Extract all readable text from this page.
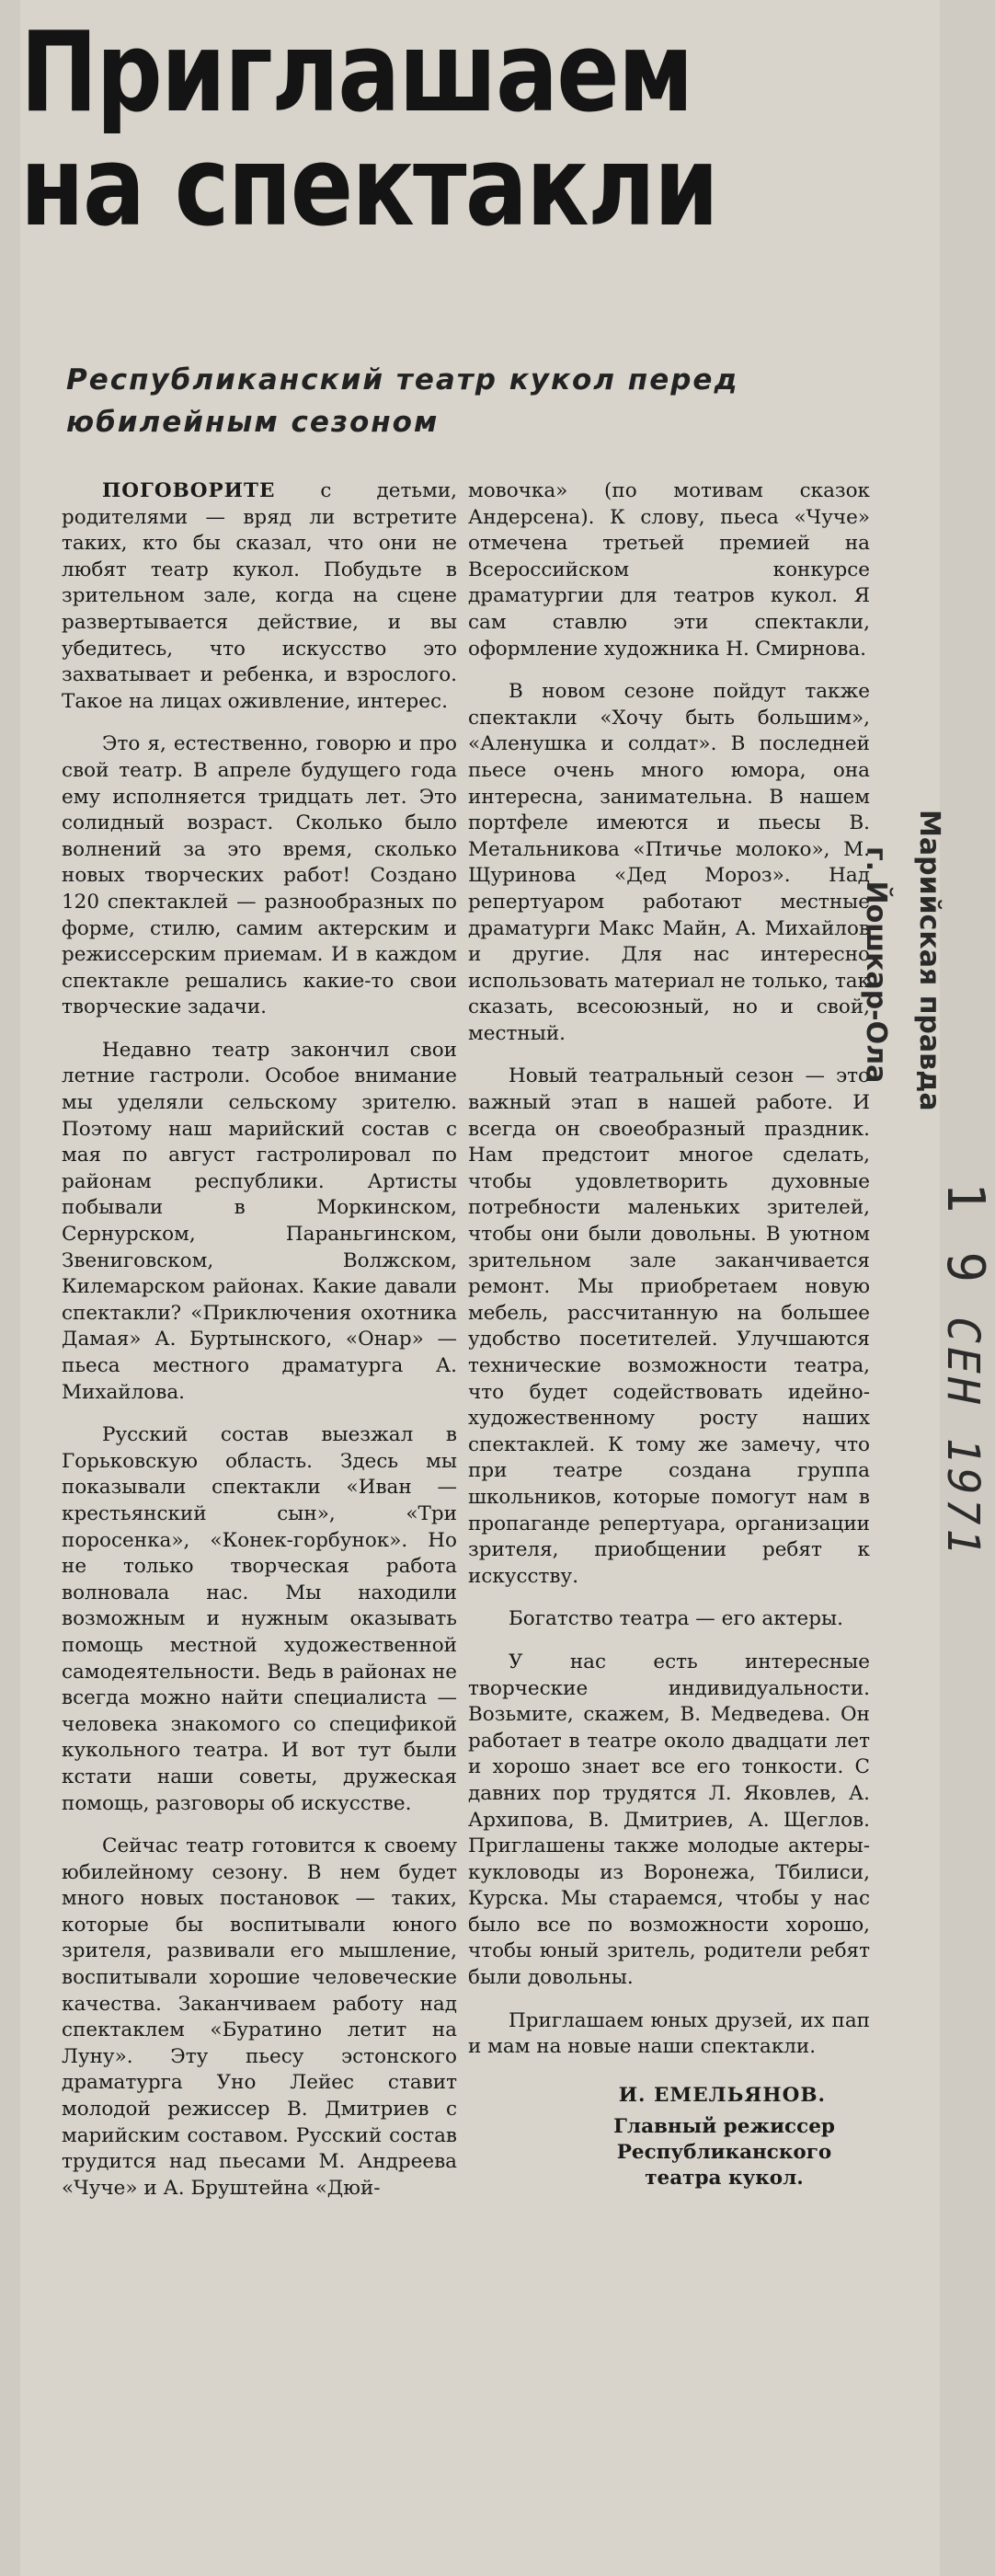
Приглашаем
на спектакли
Республиканский театр кукол перед юбилейным сезоном

ПОГОВОРИТЕ с детьми, родителями — вряд ли встретите таких, кто бы сказал, что они не любят театр кукол. Побудьте в зрительном зале, когда на сцене развертывается действие, и вы убедитесь, что искусство это захватывает и ребенка, и взрослого. Такое на лицах оживление, интерес.

Это я, естественно, говорю и про свой театр. В апреле будущего года ему исполняется тридцать лет. Это солидный возраст. Сколько было волнений за это время, сколько новых творческих работ! Создано 120 спектаклей — разнообразных по форме, стилю, самим актерским и режиссерским приемам. И в каждом спектакле решались какие-то свои творческие задачи.

Недавно театр закончил свои летние гастроли. Особое внимание мы уделяли сельскому зрителю. Поэтому наш марийский состав с мая по август гастролировал по районам республики. Артисты побывали в Моркинском, Сернурском, Параньгинском, Звениговском, Волжском, Килемарском районах. Какие давали спектакли? «Приключения охотника Дамая» А. Буртынского, «Онар» — пьеса местного драматурга А. Михайлова.

Русский состав выезжал в Горьковскую область. Здесь мы показывали спектакли «Иван — крестьянский сын», «Три поросенка», «Конек-горбунок». Но не только творческая работа волновала нас. Мы находили возможным и нужным оказывать помощь местной художественной самодеятельности. Ведь в районах не всегда можно найти специалиста — человека знакомого со спецификой кукольного театра. И вот тут были кстати наши советы, дружеская помощь, разговоры об искусстве.

Сейчас театр готовится к своему юбилейному сезону. В нем будет много новых постановок — таких, которые бы воспитывали юного зрителя, развивали его мышление, воспитывали хорошие человеческие качества. Заканчиваем работу над спектаклем «Буратино летит на Луну». Эту пьесу эстонского драматурга Уно Лейес ставит молодой режиссер В. Дмитриев с марийским составом. Русский состав трудится над пьесами М. Андреева «Чуче» и А. Бруштейна «Дюй-

мовочка» (по мотивам сказок Андерсена). К слову, пьеса «Чуче» отмечена третьей премией на Всероссийском конкурсе драматургии для театров кукол. Я сам ставлю эти спектакли, оформление художника Н. Смирнова.

В новом сезоне пойдут также спектакли «Хочу быть большим», «Аленушка и солдат». В последней пьесе очень много юмора, она интересна, занимательна. В нашем портфеле имеются и пьесы В. Метальникова «Птичье молоко», М. Щуриновa «Дед Мороз». Над репертуаром работают местные драматурги Макс Майн, А. Михайлов и другие. Для нас интересно использовать материал не только, так сказать, всесоюзный, но и свой, местный.

Новый театральный сезон — это важный этап в нашей работе. И всегда он своеобразный праздник. Нам предстоит многое сделать, чтобы удовлетворить духовные потребности маленьких зрителей, чтобы они были довольны. В уютном зрительном зале заканчивается ремонт. Мы приобретаем новую мебель, рассчитанную на большее удобство посетителей. Улучшаются технические возможности театра, что будет содействовать идейно-художественному росту наших спектаклей. К тому же замечу, что при театре создана группа школьников, которые помогут нам в пропаганде репертуара, организации зрителя, приобщении ребят к искусству.

Богатство театра — его актеры.

У нас есть интересные творческие индивидуальности. Возьмите, скажем, В. Медведева. Он работает в театре около двадцати лет и хорошо знает все его тонкости. С давних пор трудятся Л. Яковлев, А. Архипова, В. Дмитриев, А. Щеглов. Приглашены также молодые актеры-кукловоды из Воронежа, Тбилиси, Курска. Мы стараемся, чтобы у нас было все по возможности хорошо, чтобы юный зритель, родители ребят были довольны.

Приглашаем юных друзей, их пап и мам на новые наши спектакли.

И. ЕМЕЛЬЯНОВ.

Главный режиссер Республиканского театра кукол.

Марийская правда
г. Йошкар-Ола
1 9 СЕН 1971
